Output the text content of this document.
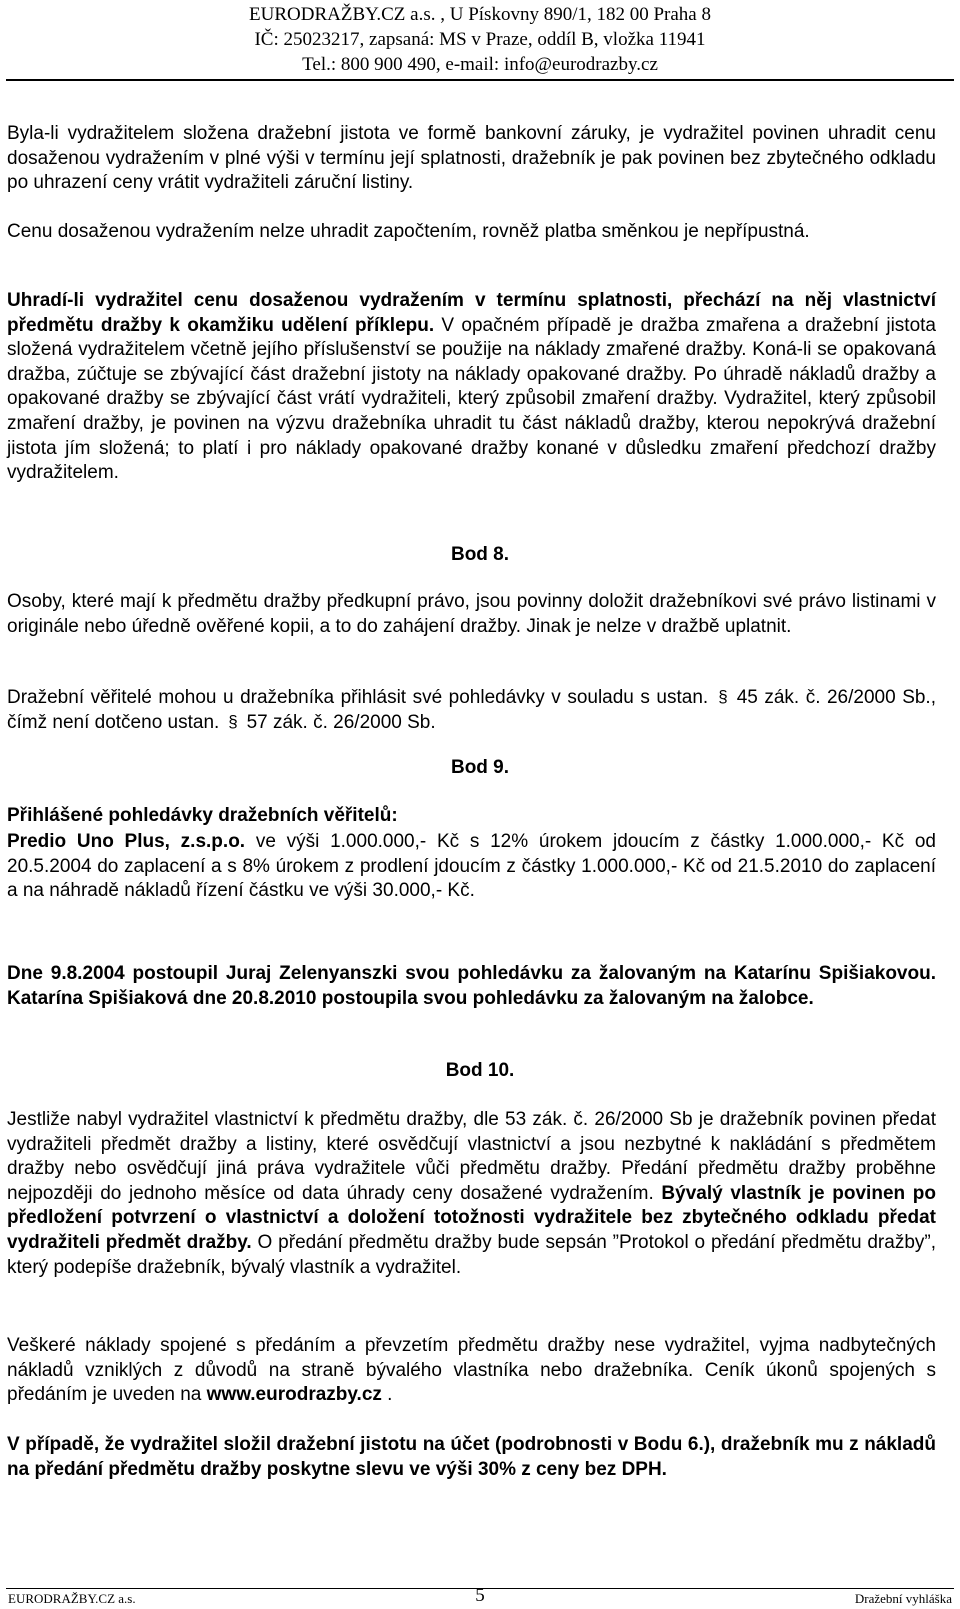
EURODRAŽBY.CZ a.s. , U Pískovny 890/1, 182 00 Praha 8
IČ: 25023217, zapsaná: MS v Praze, oddíl B, vložka 11941
Tel.: 800 900 490, e-mail: info@eurodrazby.cz

Byla-li vydražitelem složena dražební jistota ve formě bankovní záruky, je vydražitel povinen uhradit cenu dosaženou vydražením v plné výši v termínu její splatnosti, dražebník je pak povinen bez zbytečného odkladu po uhrazení ceny vrátit vydražiteli záruční listiny.

Cenu dosaženou vydražením nelze uhradit započtením, rovněž platba směnkou je nepřípustná.

Uhradí-li vydražitel cenu dosaženou vydražením v termínu splatnosti, přechází na něj vlastnictví předmětu dražby k okamžiku udělení příklepu. V opačném případě je dražba zmařena a dražební jistota složená vydražitelem včetně jejího příslušenství se použije na náklady zmařené dražby. Koná-li se opakovaná dražba, zúčtuje se zbývající část dražební jistoty na náklady opakované dražby. Po úhradě nákladů dražby a opakované dražby se zbývající část vrátí vydražiteli, který způsobil zmaření dražby. Vydražitel, který způsobil zmaření dražby, je povinen na výzvu dražebníka uhradit tu část nákladů dražby, kterou nepokrývá dražební jistota jím složená; to platí i pro náklady opakované dražby konané v důsledku zmaření předchozí dražby vydražitelem.

Bod 8.

Osoby, které mají k předmětu dražby předkupní právo, jsou povinny doložit dražebníkovi své právo listinami v originále nebo úředně ověřené kopii, a to do zahájení dražby. Jinak je nelze v dražbě uplatnit.

Dražební věřitelé mohou u dražebníka přihlásit své pohledávky v souladu s ustan. § 45 zák. č. 26/2000 Sb., čímž není dotčeno ustan. § 57 zák. č. 26/2000 Sb.

Bod 9.

Přihlášené pohledávky dražebních věřitelů:

Predio Uno Plus, z.s.p.o. ve výši 1.000.000,- Kč s 12% úrokem jdoucím z částky 1.000.000,- Kč od 20.5.2004 do zaplacení a s 8% úrokem z prodlení jdoucím z částky 1.000.000,- Kč od 21.5.2010 do zaplacení a na náhradě nákladů řízení částku ve výši 30.000,- Kč.

Dne 9.8.2004 postoupil Juraj Zelenyanszki svou pohledávku za žalovaným na Katarínu Spišiakovou. Katarína Spišiaková dne 20.8.2010 postoupila svou pohledávku za žalovaným na žalobce.

Bod 10.

Jestliže nabyl vydražitel vlastnictví k předmětu dražby, dle 53 zák. č. 26/2000 Sb je dražebník povinen předat vydražiteli předmět dražby a listiny, které osvědčují vlastnictví a jsou nezbytné k nakládání s předmětem dražby nebo osvědčují jiná práva vydražitele vůči předmětu dražby. Předání předmětu dražby proběhne nejpozději do jednoho měsíce od data úhrady ceny dosažené vydražením. Bývalý vlastník je povinen po předložení potvrzení o vlastnictví a doložení totožnosti vydražitele bez zbytečného odkladu předat vydražiteli předmět dražby. O předání předmětu dražby bude sepsán ”Protokol o předání předmětu dražby”, který podepíše dražebník, bývalý vlastník a vydražitel.

Veškeré náklady spojené s předáním a převzetím předmětu dražby nese vydražitel, vyjma nadbytečných nákladů vzniklých z důvodů na straně bývalého vlastníka nebo dražebníka. Ceník úkonů spojených s předáním je uveden na www.eurodrazby.cz .

V případě, že vydražitel složil dražební jistotu na účet (podrobnosti v Bodu 6.), dražebník mu z nákladů na předání předmětu dražby poskytne slevu ve výši 30% z ceny bez DPH.

EURODRAŽBY.CZ a.s.	5	Dražební vyhláška
